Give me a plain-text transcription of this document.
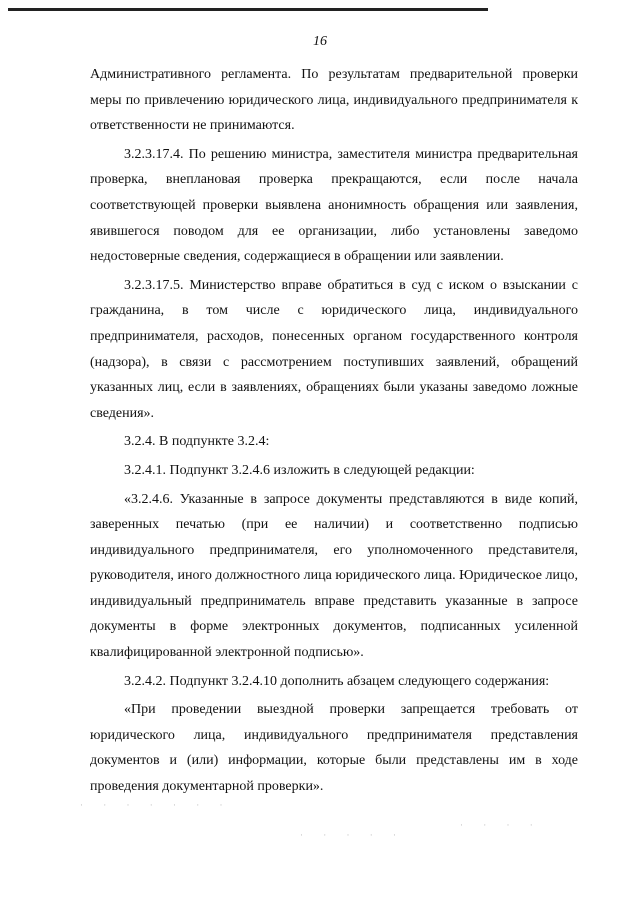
16

Административного регламента. По результатам предварительной проверки меры по привлечению юридического лица, индивидуального предпринимателя к ответственности не принимаются.

3.2.3.17.4. По решению министра, заместителя министра предварительная проверка, внеплановая проверка прекращаются, если после начала соответствующей проверки выявлена анонимность обращения или заявления, явившегося поводом для ее организации, либо установлены заведомо недостоверные сведения, содержащиеся в обращении или заявлении.

3.2.3.17.5. Министерство вправе обратиться в суд с иском о взыскании с гражданина, в том числе с юридического лица, индивидуального предпринимателя, расходов, понесенных органом государственного контроля (надзора), в связи с рассмотрением поступивших заявлений, обращений указанных лиц, если в заявлениях, обращениях были указаны заведомо ложные сведения».

3.2.4. В подпункте 3.2.4:

3.2.4.1. Подпункт 3.2.4.6 изложить в следующей редакции:

«3.2.4.6. Указанные в запросе документы представляются в виде копий, заверенных печатью (при ее наличии) и соответственно подписью индивидуального предпринимателя, его уполномоченного представителя, руководителя, иного должностного лица юридического лица. Юридическое лицо, индивидуальный предприниматель вправе представить указанные в запросе документы в форме электронных документов, подписанных усиленной квалифицированной электронной подписью».

3.2.4.2. Подпункт 3.2.4.10 дополнить абзацем следующего содержания:

«При проведении выездной проверки запрещается требовать от юридического лица, индивидуального предпринимателя представления документов и (или) информации, которые были представлены им в ходе проведения документарной проверки».

· · · · · · ·
· · · · ·
· · · ·
